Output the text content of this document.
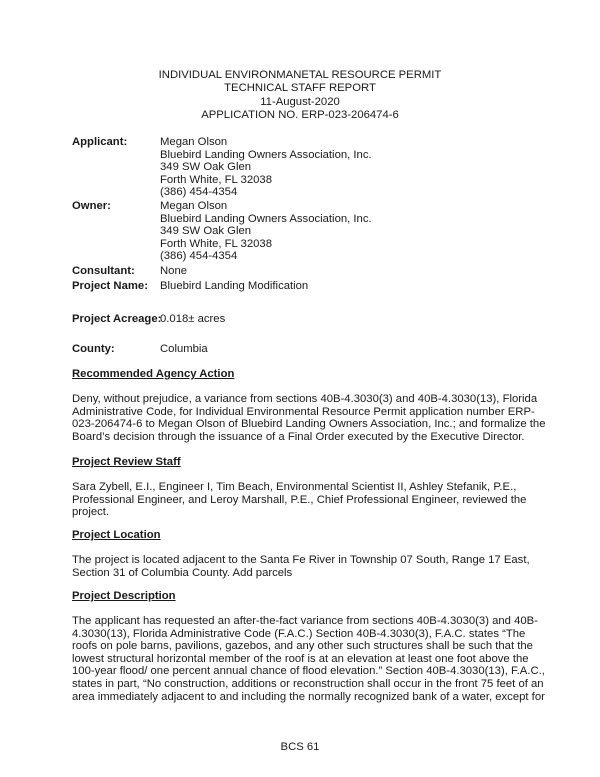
INDIVIDUAL ENVIRONMANETAL RESOURCE PERMIT
TECHNICAL STAFF REPORT
11-August-2020
APPLICATION NO. ERP-023-206474-6
Applicant:	Megan Olson
Bluebird Landing Owners Association, Inc.
349 SW Oak Glen
Forth White, FL 32038
(386) 454-4354
Owner:	Megan Olson
Bluebird Landing Owners Association, Inc.
349 SW Oak Glen
Forth White, FL 32038
(386) 454-4354
Consultant: None
Project Name: Bluebird Landing Modification
Project Acreage:
0.018± acres
County:	Columbia
Recommended Agency Action
Deny, without prejudice, a variance from sections 40B-4.3030(3) and 40B-4.3030(13), Florida
Administrative Code, for Individual Environmental Resource Permit application number ERP-
023-206474-6 to Megan Olson of Bluebird Landing Owners Association, Inc.; and formalize the
Board’s decision through the issuance of a Final Order executed by the Executive Director.
Project Review Staff
Sara Zybell, E.I., Engineer I, Tim Beach, Environmental Scientist II, Ashley Stefanik, P.E.,
Professional Engineer, and Leroy Marshall, P.E., Chief Professional Engineer, reviewed the
project.
Project Location
The project is located adjacent to the Santa Fe River in Township 07 South, Range 17 East,
Section 31 of Columbia County. Add parcels
Project Description
The applicant has requested an after-the-fact variance from sections 40B-4.3030(3) and 40B-
4.3030(13), Florida Administrative Code (F.A.C.) Section 40B-4.3030(3), F.A.C. states “The
roofs on pole barns, pavilions, gazebos, and any other such structures shall be such that the
lowest structural horizontal member of the roof is at an elevation at least one foot above the
100-year flood/ one percent annual chance of flood elevation.” Section 40B-4.3030(13), F.A.C.,
states in part, “No construction, additions or reconstruction shall occur in the front 75 feet of an
area immediately adjacent to and including the normally recognized bank of a water, except for
BCS 61
